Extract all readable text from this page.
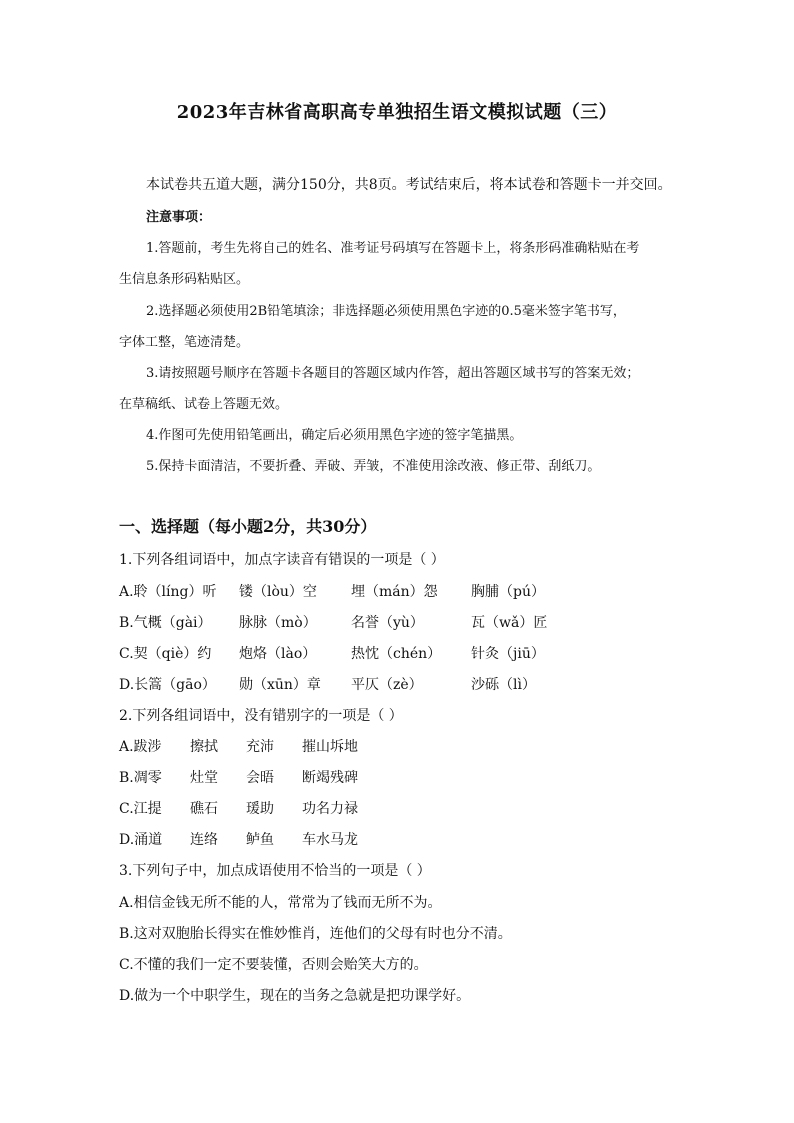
2023年吉林省高职高专单独招生语文模拟试题（三）
本试卷共五道大题，满分150分，共8页。考试结束后，将本试卷和答题卡一并交回。
注意事项：
1.答题前，考生先将自己的姓名、准考证号码填写在答题卡上，将条形码准确粘贴在考
生信息条形码粘贴区。
2.选择题必须使用2B铅笔填涂；非选择题必须使用黑色字迹的0.5毫米签字笔书写，
字体工整，笔迹清楚。
3.请按照题号顺序在答题卡各题目的答题区域内作答，超出答题区域书写的答案无效；
在草稿纸、试卷上答题无效。
4.作图可先使用铅笔画出，确定后必须用黑色字迹的签字笔描黑。
5.保持卡面清洁，不要折叠、弄破、弄皱，不准使用涂改液、修正带、刮纸刀。
一、选择题（每小题2分，共30分）
1.下列各组词语中，加点字读音有错误的一项是（ ）
A.聆（líng）听 镂（lòu）空 埋（mán）怨 胸脯（pú）
B.气概（gài） 脉脉（mò） 名誉（yù）	瓦（wǎ）匠
C.契（qiè）约 炮烙（lào） 热忱（chén） 针灸（jiū）
D.长篙（gāo） 勋（xūn）章 平仄（zè）	沙砾（lì）
2.下列各组词语中，没有错别字的一项是（ ）
A.跋涉 擦拭 充沛 摧山坼地
B.凋零 灶堂 会晤 断竭残碑
C.江提 礁石 瑗助 功名力禄
D.涌道 连络 鲈鱼 车水马龙
3.下列句子中，加点成语使用不恰当的一项是（ ）
A.相信金钱无所不能的人，常常为了钱而无所不为。
B.这对双胞胎长得实在惟妙惟肖，连他们的父母有时也分不清。
C.不懂的我们一定不要装懂，否则会贻笑大方的。
D.做为一个中职学生，现在的当务之急就是把功课学好。
